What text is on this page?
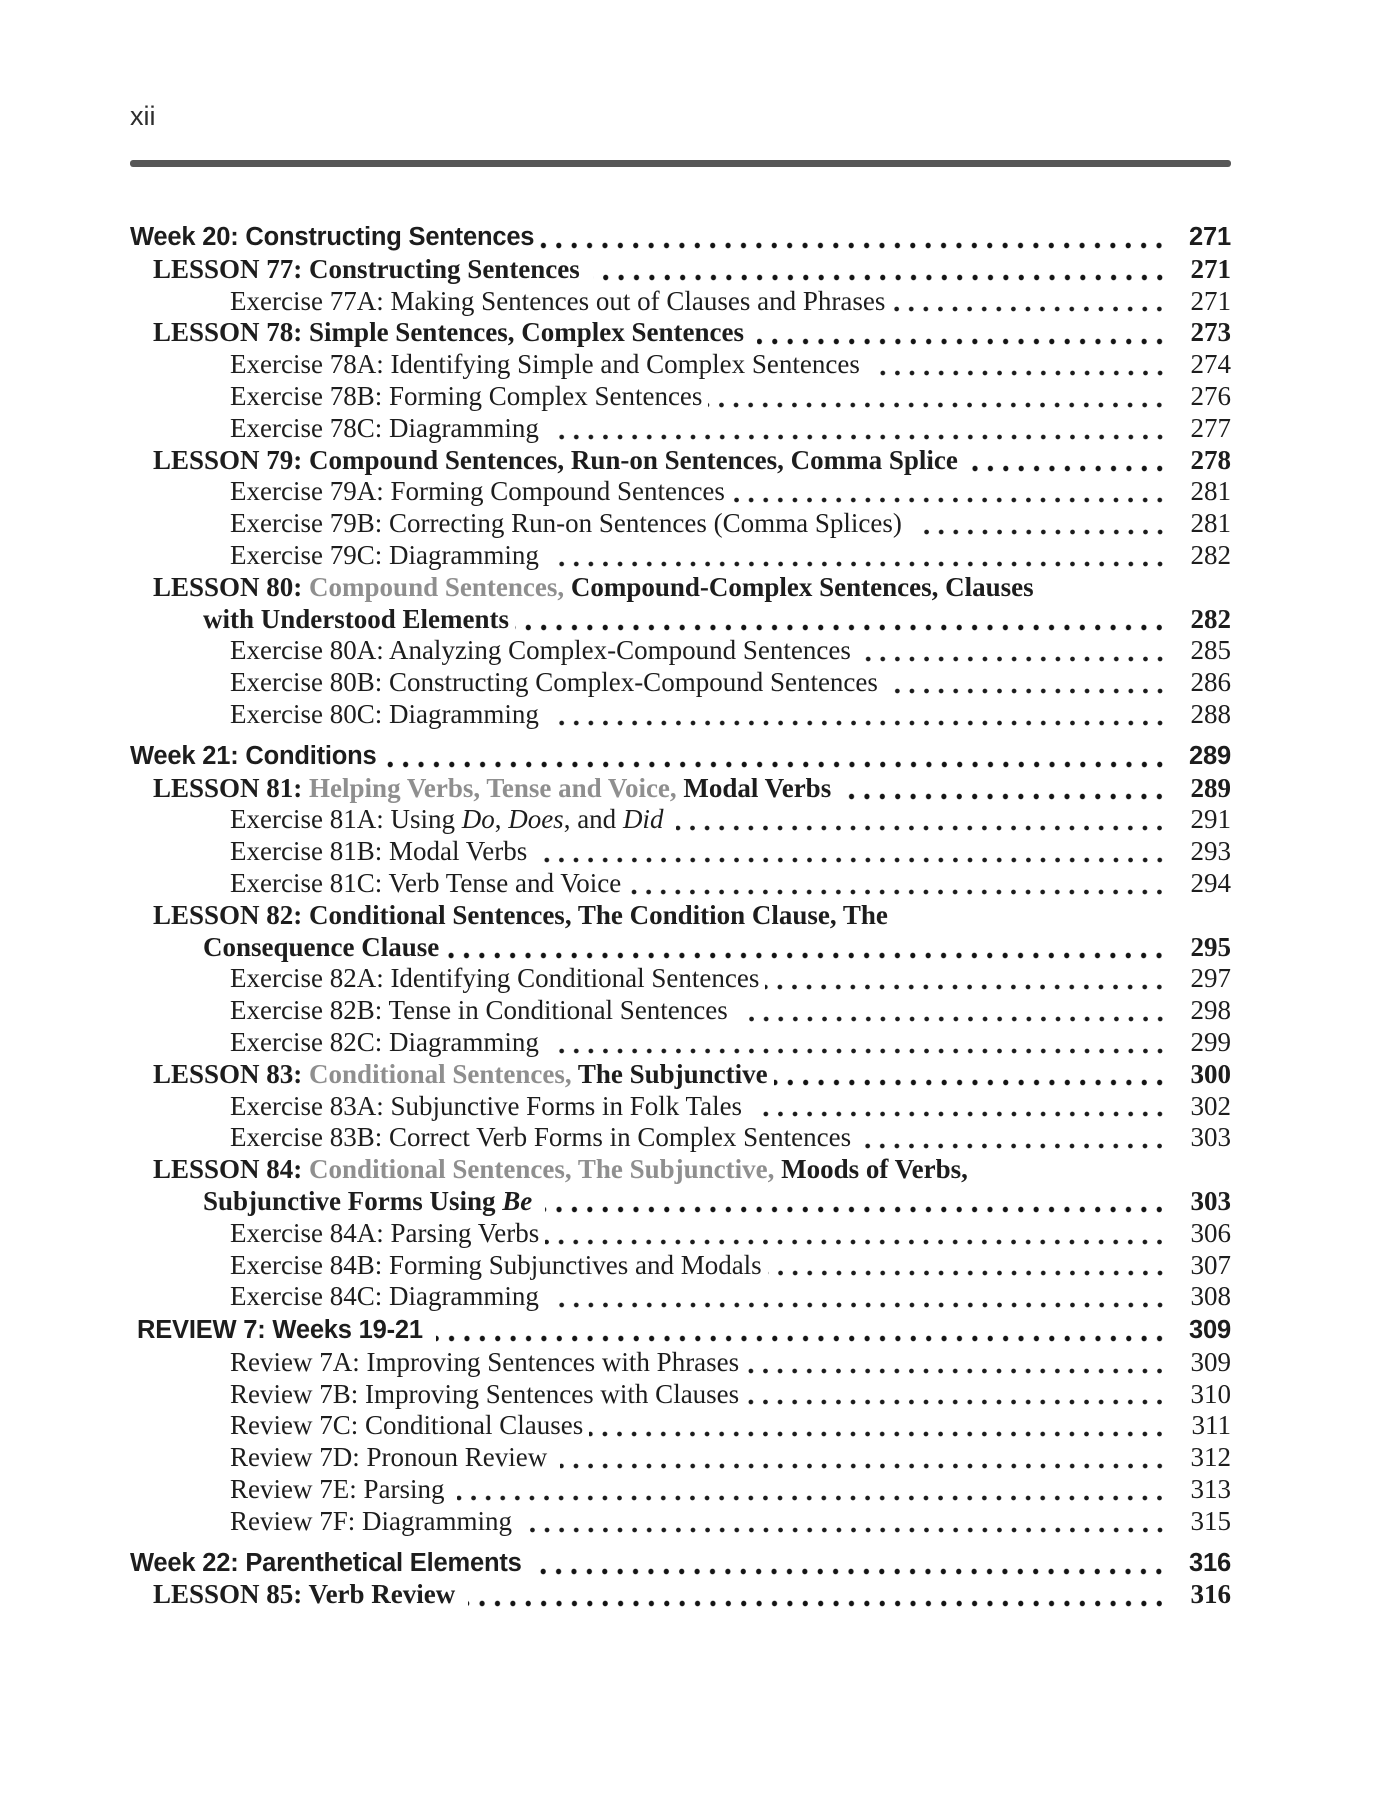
xii
Week 20: Constructing Sentences	271
LESSON 77: Constructing Sentences	271
Exercise 77A: Making Sentences out of Clauses and Phrases	271
LESSON 78: Simple Sentences, Complex Sentences	273
Exercise 78A: Identifying Simple and Complex Sentences	274
Exercise 78B: Forming Complex Sentences	276
Exercise 78C: Diagramming	277
LESSON 79: Compound Sentences, Run-on Sentences, Comma Splice	278
Exercise 79A: Forming Compound Sentences	281
Exercise 79B: Correcting Run-on Sentences (Comma Splices)	281
Exercise 79C: Diagramming	282
LESSON 80: Compound Sentences, Compound-Complex Sentences, Clauses
with Understood Elements	282
Exercise 80A: Analyzing Complex-Compound Sentences	285
Exercise 80B: Constructing Complex-Compound Sentences	286
Exercise 80C: Diagramming	288
Week 21: Conditions	289
LESSON 81: Helping Verbs, Tense and Voice, Modal Verbs	289
Exercise 81A: Using Do, Does, and Did	291
Exercise 81B: Modal Verbs	293
Exercise 81C: Verb Tense and Voice	294
LESSON 82: Conditional Sentences, The Condition Clause, The
Consequence Clause	295
Exercise 82A: Identifying Conditional Sentences	297
Exercise 82B: Tense in Conditional Sentences	298
Exercise 82C: Diagramming	299
LESSON 83: Conditional Sentences, The Subjunctive	300
Exercise 83A: Subjunctive Forms in Folk Tales	302
Exercise 83B: Correct Verb Forms in Complex Sentences	303
LESSON 84: Conditional Sentences, The Subjunctive, Moods of Verbs,
Subjunctive Forms Using Be	303
Exercise 84A: Parsing Verbs	306
Exercise 84B: Forming Subjunctives and Modals	307
Exercise 84C: Diagramming	308
REVIEW 7: Weeks 19-21	309
Review 7A: Improving Sentences with Phrases	309
Review 7B: Improving Sentences with Clauses	310
Review 7C: Conditional Clauses	311
Review 7D: Pronoun Review	312
Review 7E: Parsing	313
Review 7F: Diagramming	315
Week 22: Parenthetical Elements	316
LESSON 85: Verb Review	316
